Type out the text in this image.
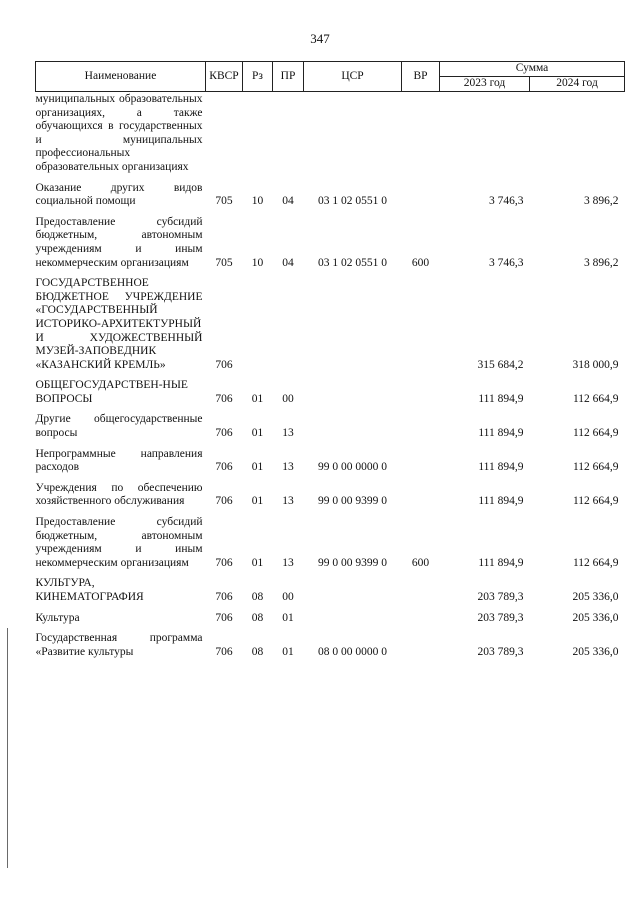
347
Наименование	КВСР	Рз	ПР	ЦСР	ВР	Сумма	
						2023 год	2024 год

муниципальных образовательных организациях, а также обучающихся в государственных и муниципальных профессиональных образовательных организациях							

Оказание других видов социальной помощи	705	10	04	03 1 02 0551 0		3 746,3	3 896,2

Предоставление субсидий бюджетным, автономным учреждениям и иным некоммерческим организациям	705	10	04	03 1 02 0551 0	600	3 746,3	3 896,2

ГОСУДАРСТВЕННОЕ БЮДЖЕТНОЕ УЧРЕЖДЕНИЕ «ГОСУДАРСТВЕННЫЙ ИСТОРИКО-АРХИТЕКТУРНЫЙ И ХУДОЖЕСТВЕННЫЙ МУЗЕЙ-ЗАПОВЕДНИК «КАЗАНСКИЙ КРЕМЛЬ»	706					315 684,2	318 000,9

ОБЩЕГОСУДАРСТВЕН-НЫЕ ВОПРОСЫ	706	01	00			111 894,9	112 664,9

Другие общегосударственные вопросы	706	01	13			111 894,9	112 664,9

Непрограммные направления расходов	706	01	13	99 0 00 0000 0		111 894,9	112 664,9

Учреждения по обеспечению хозяйственного обслуживания	706	01	13	99 0 00 9399 0		111 894,9	112 664,9

Предоставление субсидий бюджетным, автономным учреждениям и иным некоммерческим организациям	706	01	13	99 0 00 9399 0	600	111 894,9	112 664,9

КУЛЬТУРА, КИНЕМАТОГРАФИЯ	706	08	00			203 789,3	205 336,0

Культура	706	08	01			203 789,3	205 336,0

Государственная программа «Развитие культуры	706	08	01	08 0 00 0000 0		203 789,3	205 336,0
